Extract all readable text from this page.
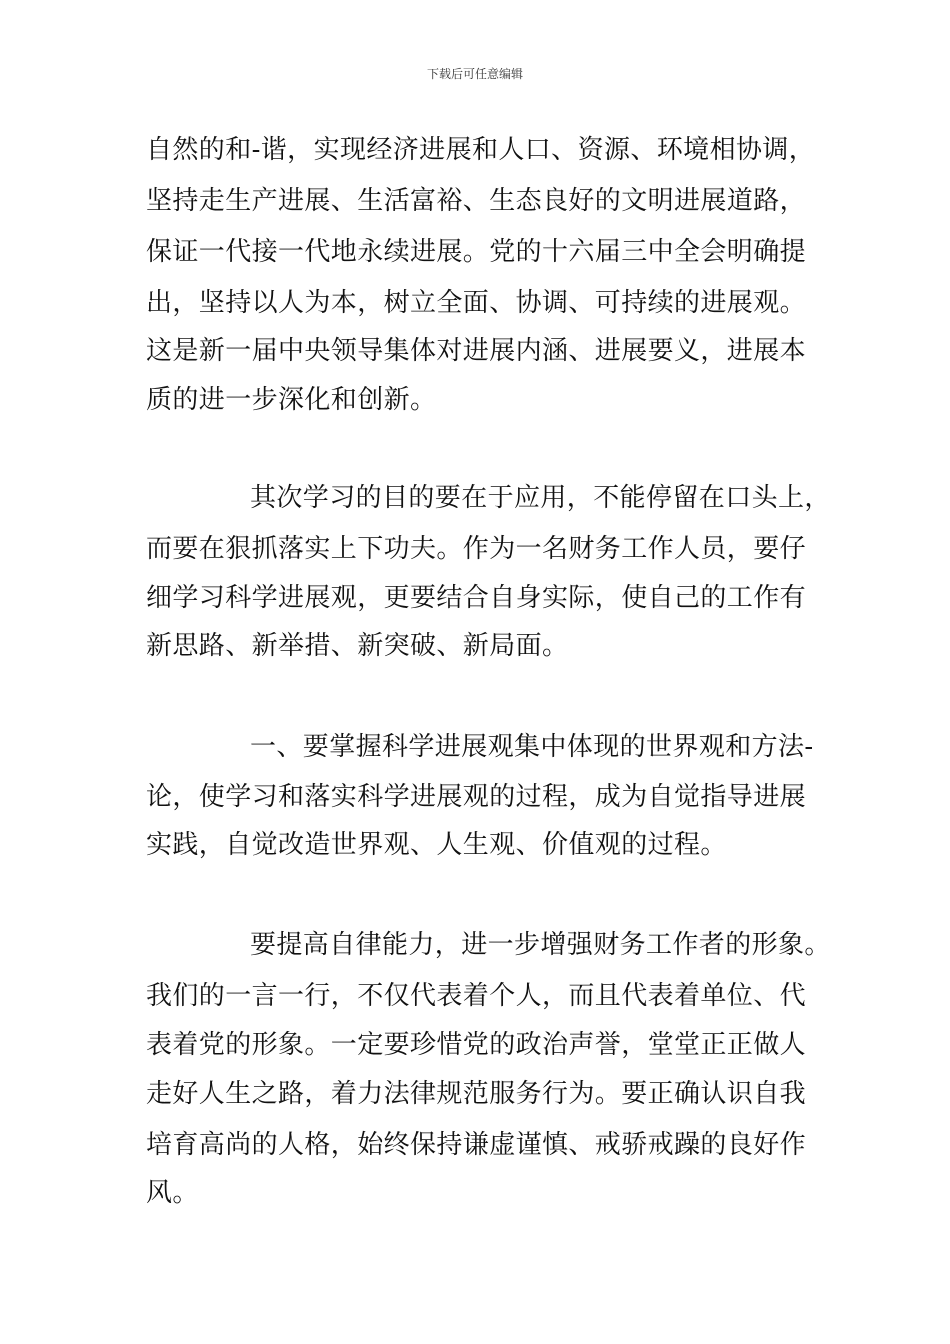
下载后可任意编辑
自然的和-谐，实现经济进展和人口、资源、环境相协调，
坚持走生产进展、生活富裕、生态良好的文明进展道路，
保证一代接一代地永续进展。党的十六届三中全会明确提
出，坚持以人为本，树立全面、协调、可持续的进展观。
这是新一届中央领导集体对进展内涵、进展要义，进展本
质的进一步深化和创新。
其次学习的目的要在于应用，不能停留在口头上，
而要在狠抓落实上下功夫。作为一名财务工作人员，要仔
细学习科学进展观，更要结合自身实际，使自己的工作有
新思路、新举措、新突破、新局面。
一、要掌握科学进展观集中体现的世界观和方法-
论，使学习和落实科学进展观的过程，成为自觉指导进展
实践，自觉改造世界观、人生观、价值观的过程。
要提高自律能力，进一步增强财务工作者的形象。
我们的一言一行，不仅代表着个人，而且代表着单位、代
表着党的形象。一定要珍惜党的政治声誉，堂堂正正做人
走好人生之路，着力法律规范服务行为。要正确认识自我
培育高尚的人格，始终保持谦虚谨慎、戒骄戒躁的良好作
风。
